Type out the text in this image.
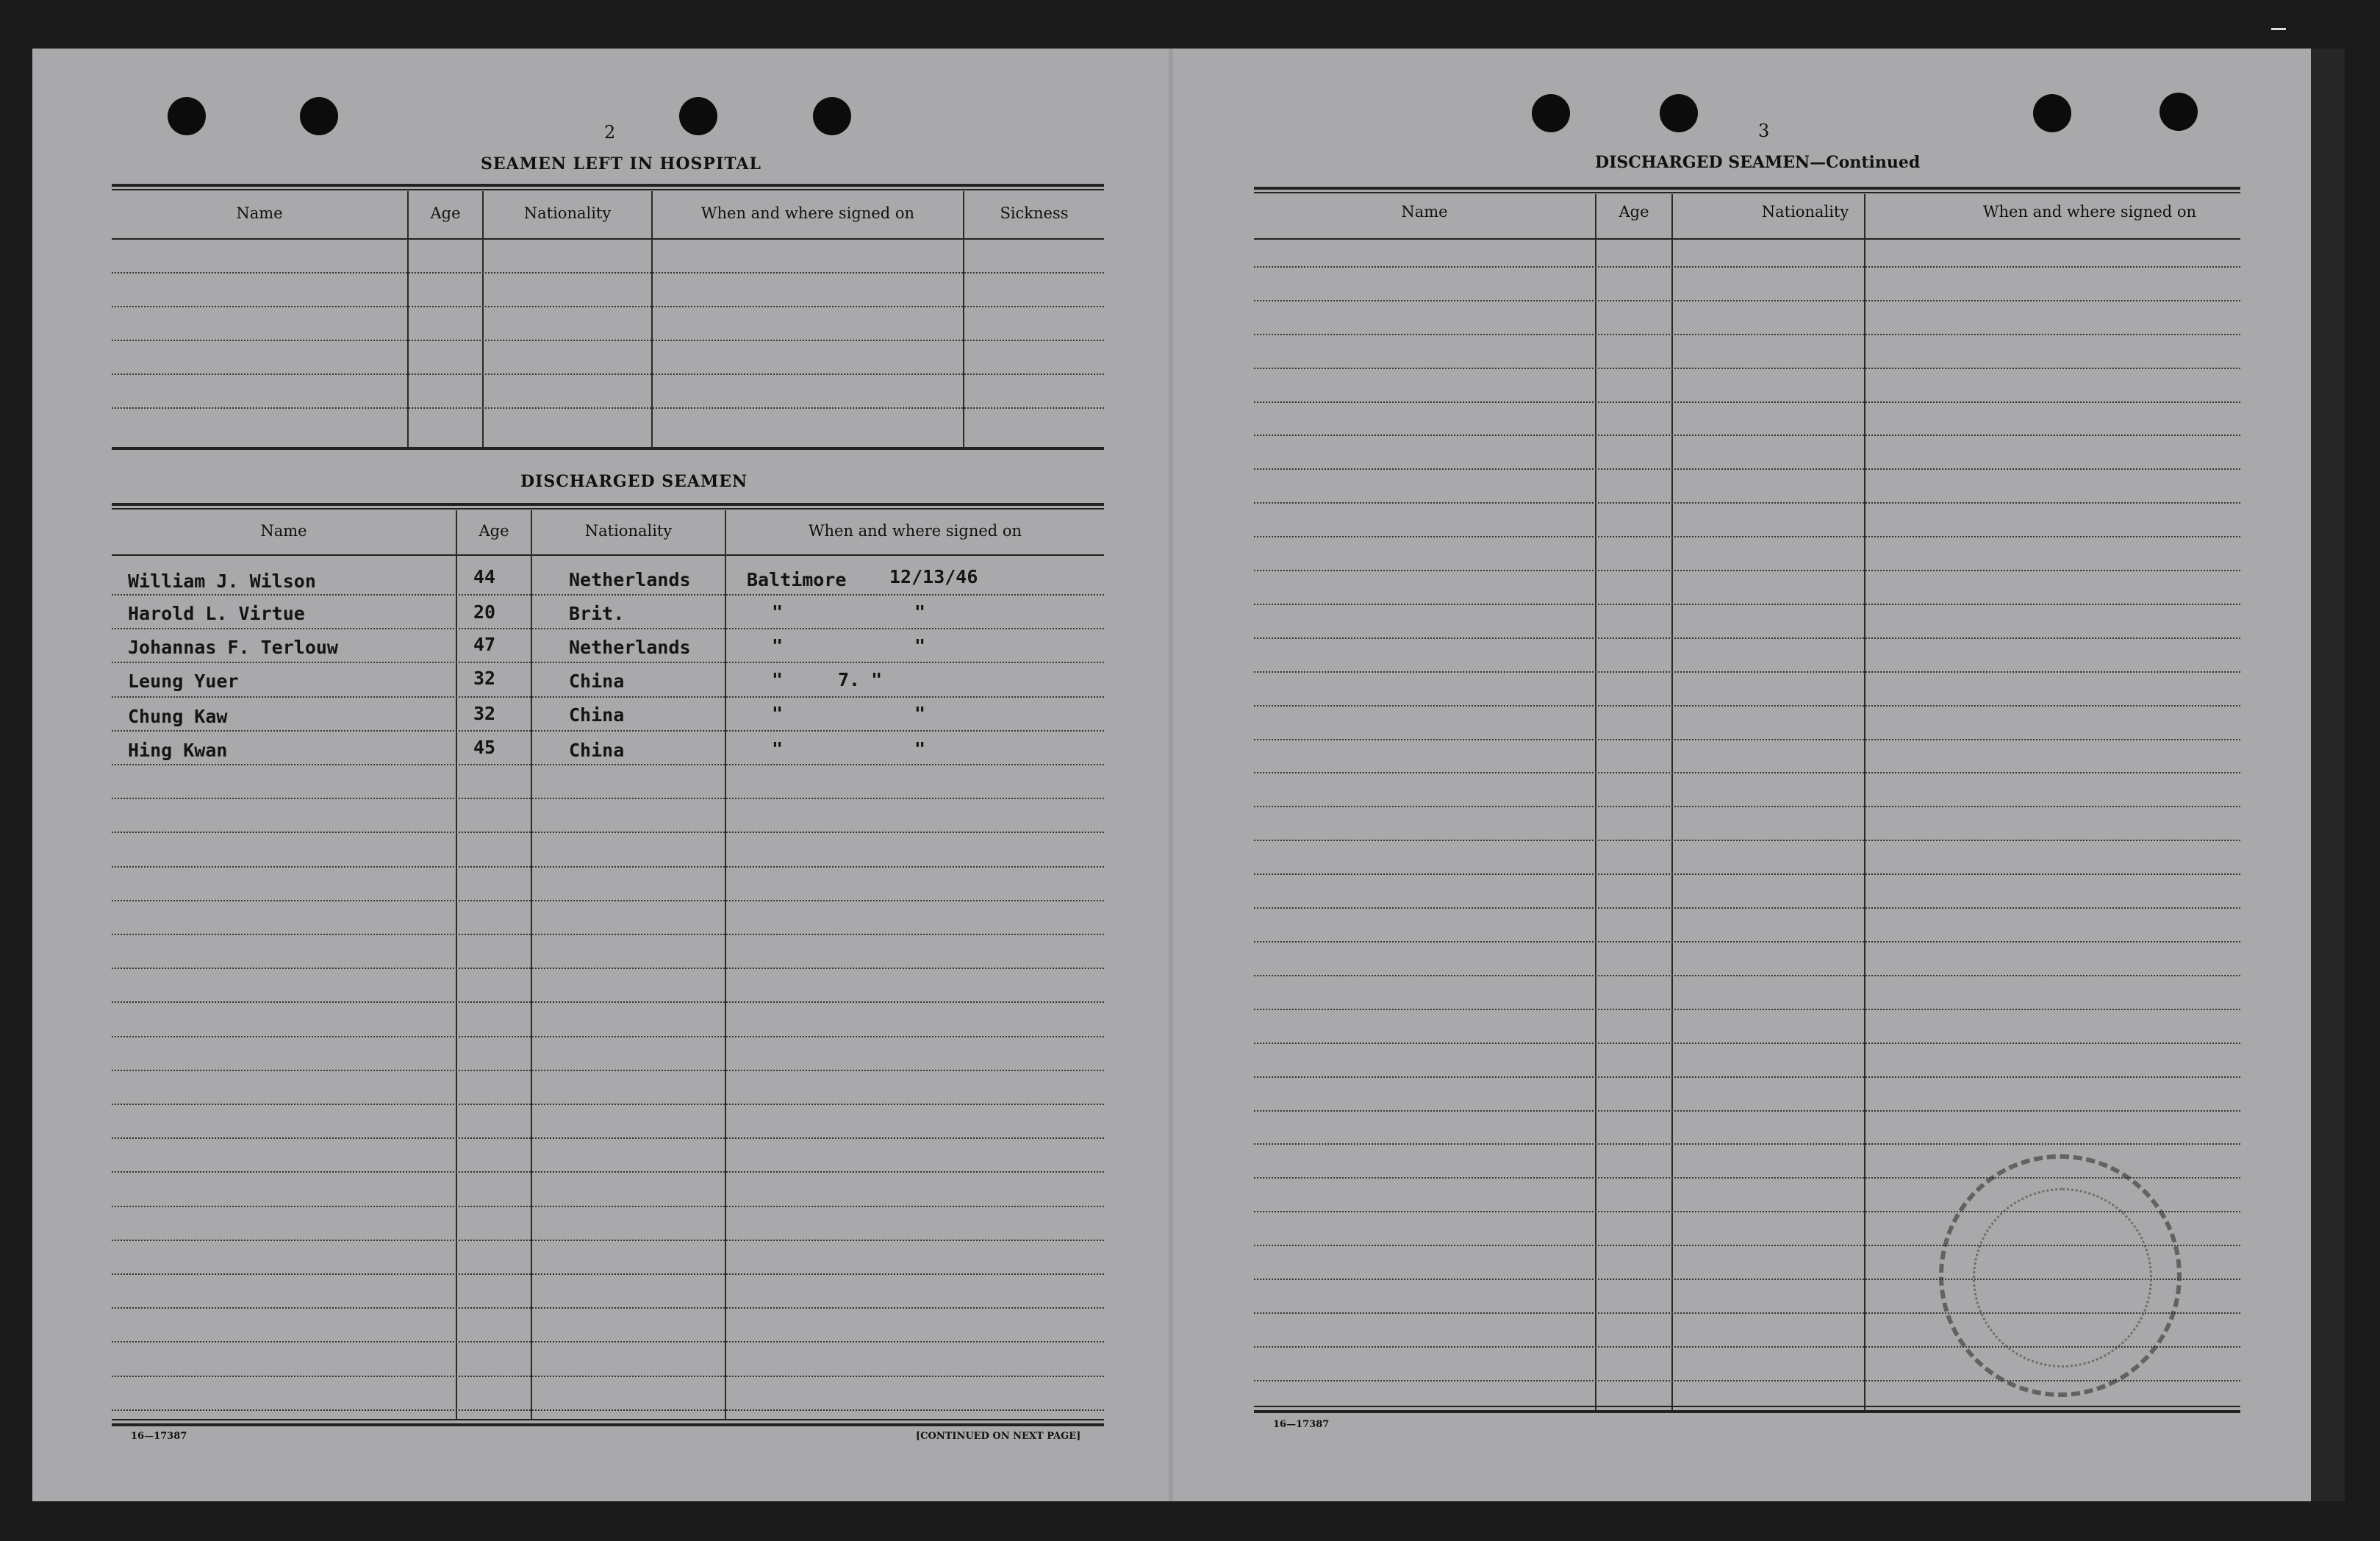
2
SEAMEN LEFT IN HOSPITAL
Name	Age	Nationality	When and where signed on	Sickness
DISCHARGED SEAMEN
Name	Age	Nationality	When and where signed on
William J. Wilson	44	Netherlands	Baltimore 12/13/46
Harold L. Virtue	20	Brit.	"	"
Johannas F. Terlouw	47	Netherlands	"	"
Leung Yuer	32	China	"	7. "
Chung Kaw	32	China	"	"
Hing Kwan	45	China	"	"
16—17387	[CONTINUED ON NEXT PAGE]
3
DISCHARGED SEAMEN—Continued
Name	Age	Nationality	When and where signed on
16—17387
